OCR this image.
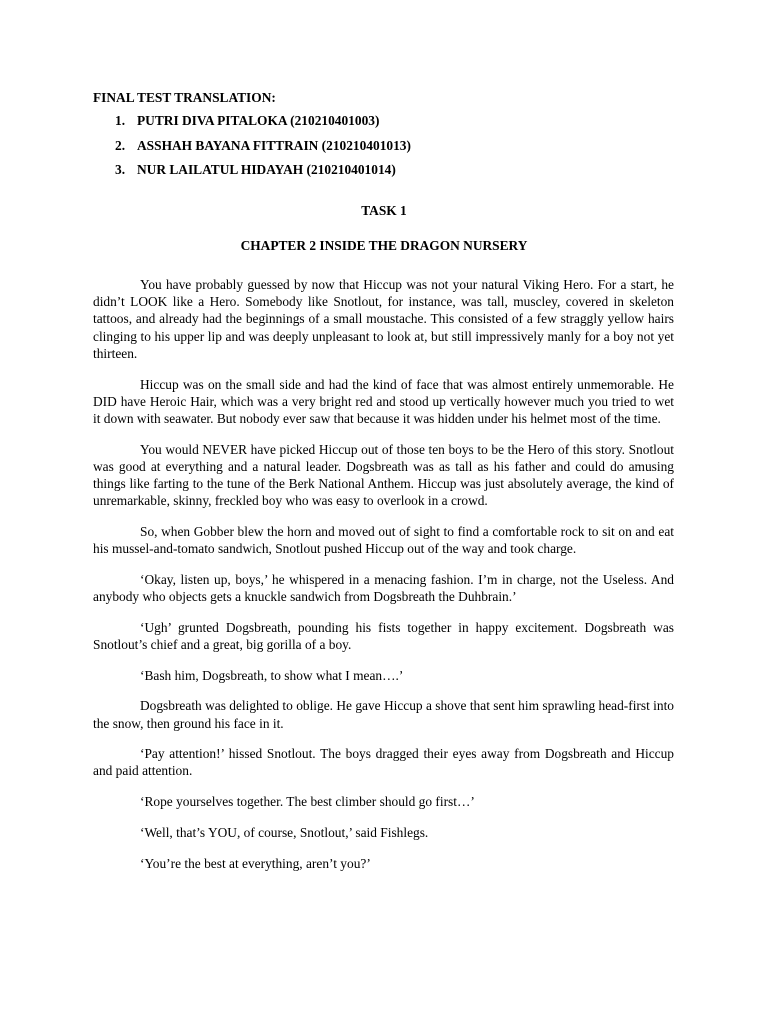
FINAL TEST TRANSLATION:
1. PUTRI DIVA PITALOKA (210210401003)
2. ASSHAH BAYANA FITTRAIN (210210401013)
3. NUR LAILATUL HIDAYAH (210210401014)
TASK 1
CHAPTER 2 INSIDE THE DRAGON NURSERY

You have probably guessed by now that Hiccup was not your natural Viking Hero. For a start, he didn’t LOOK like a Hero. Somebody like Snotlout, for instance, was tall, muscley, covered in skeleton tattoos, and already had the beginnings of a small moustache. This consisted of a few straggly yellow hairs clinging to his upper lip and was deeply unpleasant to look at, but still impressively manly for a boy not yet thirteen.

Hiccup was on the small side and had the kind of face that was almost entirely unmemorable. He DID have Heroic Hair, which was a very bright red and stood up vertically however much you tried to wet it down with seawater. But nobody ever saw that because it was hidden under his helmet most of the time.

You would NEVER have picked Hiccup out of those ten boys to be the Hero of this story. Snotlout was good at everything and a natural leader. Dogsbreath was as tall as his father and could do amusing things like farting to the tune of the Berk National Anthem. Hiccup was just absolutely average, the kind of unremarkable, skinny, freckled boy who was easy to overlook in a crowd.

So, when Gobber blew the horn and moved out of sight to find a comfortable rock to sit on and eat his mussel-and-tomato sandwich, Snotlout pushed Hiccup out of the way and took charge.

‘Okay, listen up, boys,’ he whispered in a menacing fashion. I’m in charge, not the Useless. And anybody who objects gets a knuckle sandwich from Dogsbreath the Duhbrain.’

‘Ugh’ grunted Dogsbreath, pounding his fists together in happy excitement. Dogsbreath was Snotlout’s chief and a great, big gorilla of a boy.

‘Bash him, Dogsbreath, to show what I mean….’

Dogsbreath was delighted to oblige. He gave Hiccup a shove that sent him sprawling head-first into the snow, then ground his face in it.

‘Pay attention!’ hissed Snotlout. The boys dragged their eyes away from Dogsbreath and Hiccup and paid attention.

‘Rope yourselves together. The best climber should go first…’

‘Well, that’s YOU, of course, Snotlout,’ said Fishlegs.

‘You’re the best at everything, aren’t you?’
